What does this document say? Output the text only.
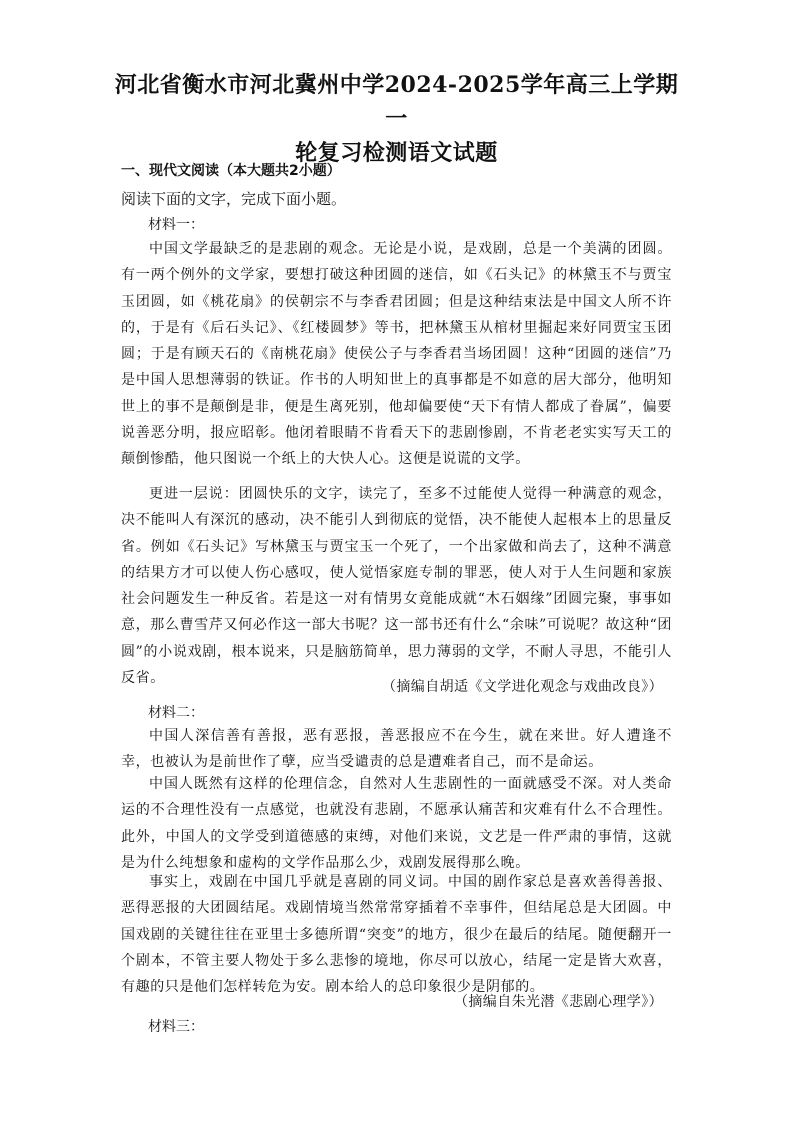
河北省衡水市河北冀州中学2024-2025学年高三上学期一
轮复习检测语文试题
一、现代文阅读（本大题共2小题）
阅读下面的文字，完成下面小题。
材料一：
中国文学最缺乏的是悲剧的观念。无论是小说，是戏剧，总是一个美满的团圆。有一两个例外的文学家，要想打破这种团圆的迷信，如《石头记》的林黛玉不与贾宝玉团圆，如《桃花扇》的侯朝宗不与李香君团圆；但是这种结束法是中国文人所不许的，于是有《后石头记》、《红楼圆梦》等书，把林黛玉从棺材里掘起来好同贾宝玉团圆；于是有顾天石的《南桃花扇》使侯公子与李香君当场团圆！这种“团圆的迷信”乃是中国人思想薄弱的铁证。作书的人明知世上的真事都是不如意的居大部分，他明知世上的事不是颠倒是非，便是生离死别，他却偏要使“天下有情人都成了眷属”，偏要说善恶分明，报应昭彰。他闭着眼睛不肯看天下的悲剧惨剧，不肯老老实实写天工的颠倒惨酷，他只图说一个纸上的大快人心。这便是说谎的文学。
更进一层说：团圆快乐的文字，读完了，至多不过能使人觉得一种满意的观念，决不能叫人有深沉的感动，决不能引人到彻底的觉悟，决不能使人起根本上的思量反省。例如《石头记》写林黛玉与贾宝玉一个死了，一个出家做和尚去了，这种不满意的结果方才可以使人伤心感叹，使人觉悟家庭专制的罪恶，使人对于人生问题和家族社会问题发生一种反省。若是这一对有情男女竟能成就“木石姻缘”团圆完聚，事事如意，那么曹雪芹又何必作这一部大书呢？这一部书还有什么“余味”可说呢？故这种“团圆”的小说戏剧，根本说来，只是脑筋简单，思力薄弱的文学，不耐人寻思，不能引人反省。
（摘编自胡适《文学进化观念与戏曲改良》）
材料二：
中国人深信善有善报，恶有恶报，善恶报应不在今生，就在来世。好人遭逢不幸，也被认为是前世作了孽，应当受谴责的总是遭难者自己，而不是命运。
中国人既然有这样的伦理信念，自然对人生悲剧性的一面就感受不深。对人类命运的不合理性没有一点感觉，也就没有悲剧，不愿承认痛苦和灾难有什么不合理性。此外，中国人的文学受到道德感的束缚，对他们来说，文艺是一件严肃的事情，这就是为什么纯想象和虚构的文学作品那么少，戏剧发展得那么晚。
事实上，戏剧在中国几乎就是喜剧的同义词。中国的剧作家总是喜欢善得善报、恶得恶报的大团圆结尾。戏剧情境当然常常穿插着不幸事件，但结尾总是大团圆。中国戏剧的关键往往在亚里士多德所谓“突变”的地方，很少在最后的结尾。随便翻开一个剧本，不管主要人物处于多么悲惨的境地，你尽可以放心，结尾一定是皆大欢喜，有趣的只是他们怎样转危为安。剧本给人的总印象很少是阴郁的。
（摘编自朱光潜《悲剧心理学》）
材料三：
